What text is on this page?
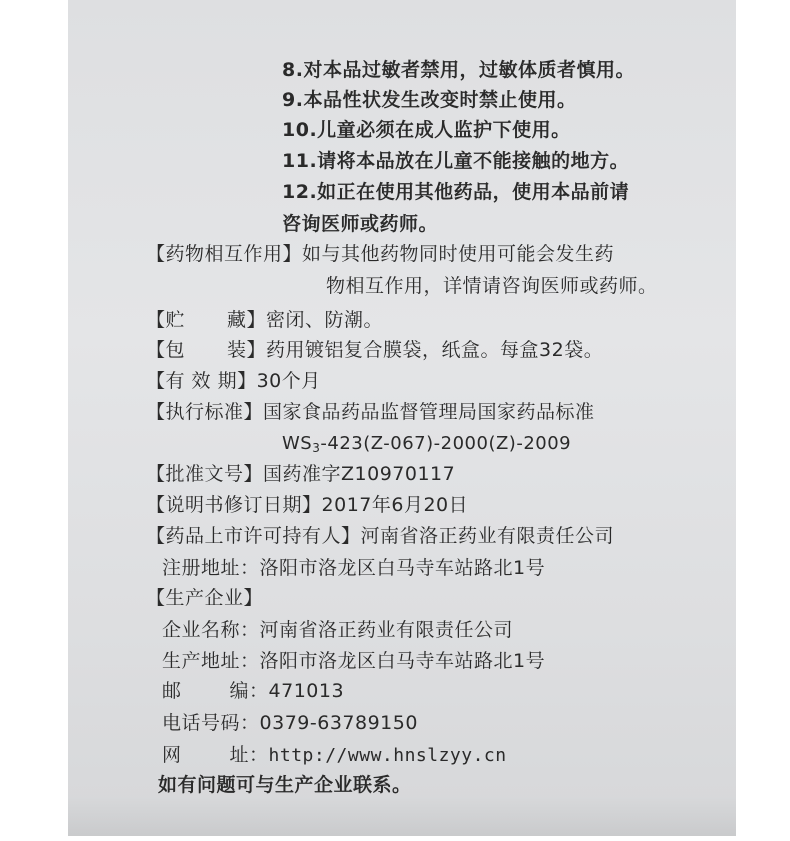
8.对本品过敏者禁用，过敏体质者慎用。
9.本品性状发生改变时禁止使用。
10.儿童必须在成人监护下使用。
11.请将本品放在儿童不能接触的地方。
12.如正在使用其他药品，使用本品前请
咨询医师或药师。
【药物相互作用】如与其他药物同时使用可能会发生药
物相互作用，详情请咨询医师或药师。
【贮 藏】密闭、防潮。
【包 装】药用镀铝复合膜袋，纸盒。每盒32袋。
【有 效 期】30个月
【执行标准】国家食品药品监督管理局国家药品标准
$WS_3-423(Z-067)-2000(Z)-2009$
【批准文号】国药准字Z10970117
【说明书修订日期】2017年6月20日
【药品上市许可持有人】河南省洛正药业有限责任公司
注册地址：洛阳市洛龙区白马寺车站路北1号
【生产企业】
企业名称：河南省洛正药业有限责任公司
生产地址：洛阳市洛龙区白马寺车站路北1号
邮	编：471013
电话号码：0379-63789150
网	址：http://www.hnslzyy.cn
如有问题可与生产企业联系。
